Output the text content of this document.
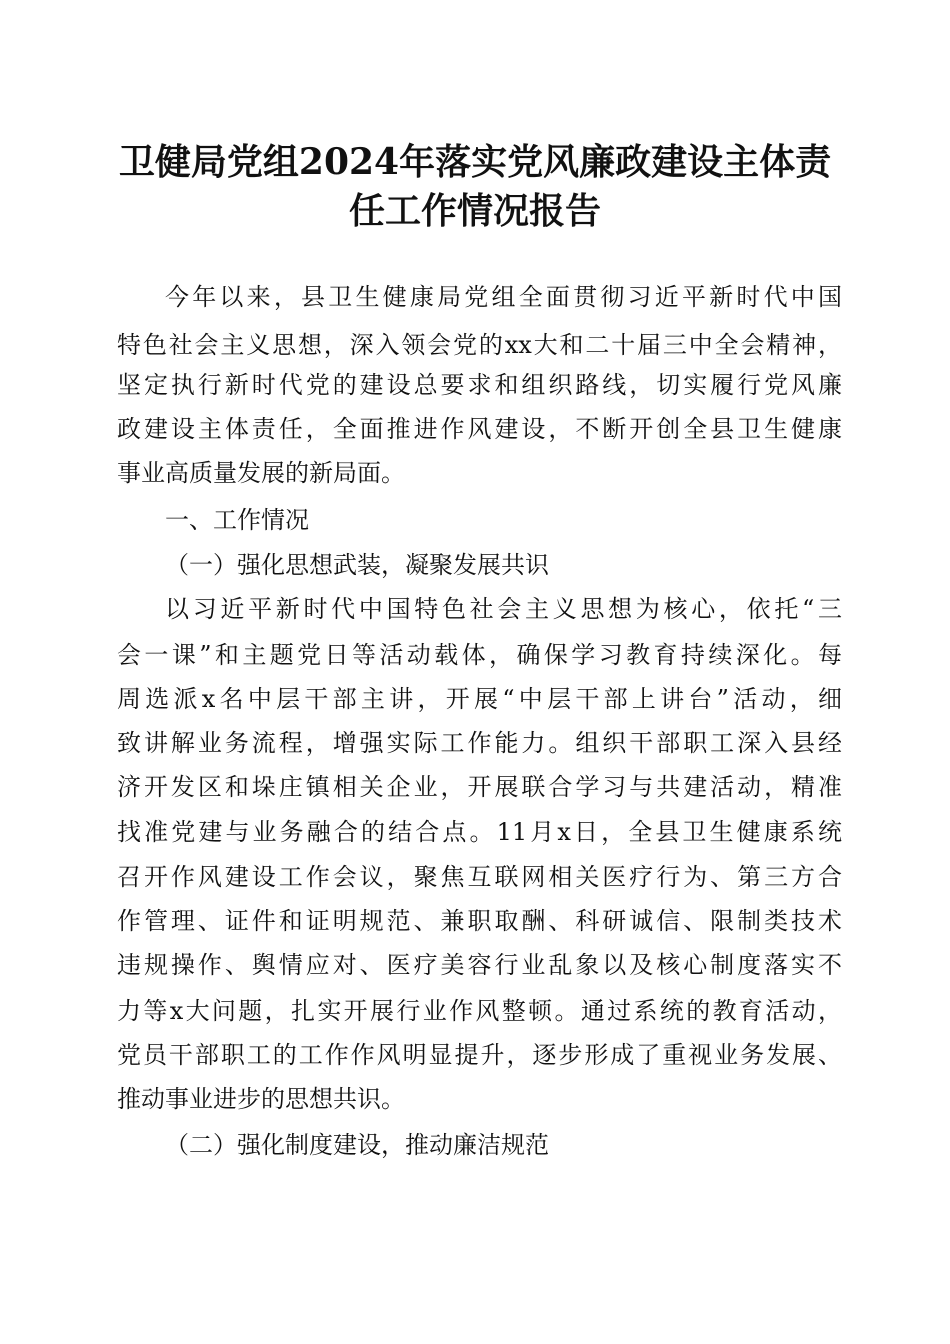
卫健局党组2024年落实党风廉政建设主体责
任工作情况报告

今年以来，县卫生健康局党组全面贯彻习近平新时代中国

特色社会主义思想，深入领会党的xx大和二十届三中全会精神，

坚定执行新时代党的建设总要求和组织路线，切实履行党风廉

政建设主体责任，全面推进作风建设，不断开创全县卫生健康

事业高质量发展的新局面。

一、工作情况

（一）强化思想武装，凝聚发展共识

以习近平新时代中国特色社会主义思想为核心，依托“三

会一课”和主题党日等活动载体，确保学习教育持续深化。每

周选派x名中层干部主讲，开展“中层干部上讲台”活动，细

致讲解业务流程，增强实际工作能力。组织干部职工深入县经

济开发区和垛庄镇相关企业，开展联合学习与共建活动，精准

找准党建与业务融合的结合点。11月x日，全县卫生健康系统

召开作风建设工作会议，聚焦互联网相关医疗行为、第三方合

作管理、证件和证明规范、兼职取酬、科研诚信、限制类技术

违规操作、舆情应对、医疗美容行业乱象以及核心制度落实不

力等x大问题，扎实开展行业作风整顿。通过系统的教育活动，

党员干部职工的工作作风明显提升，逐步形成了重视业务发展、

推动事业进步的思想共识。

（二）强化制度建设，推动廉洁规范
